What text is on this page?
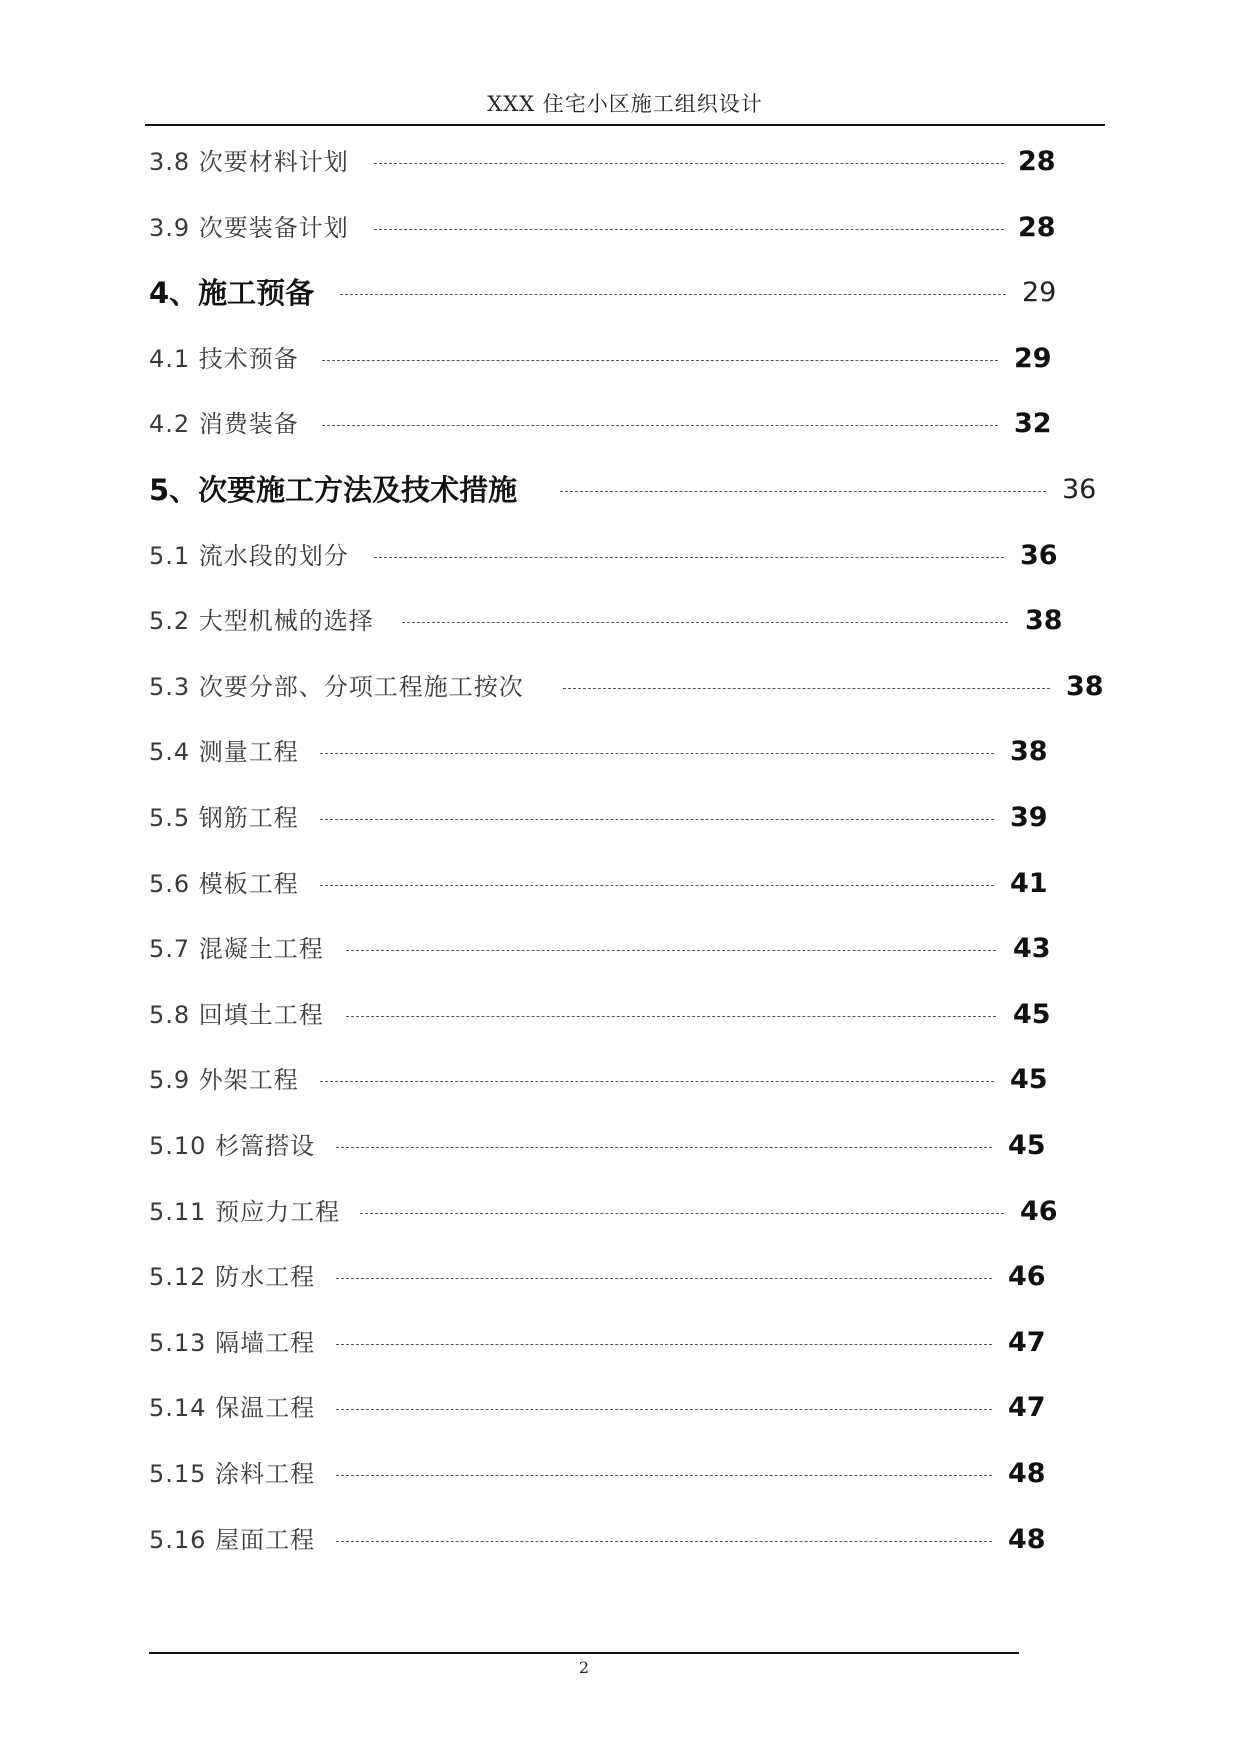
XXX 住宅小区施工组织设计
3.8 次要材料计划	28
3.9 次要装备计划	28
4、施工预备	29
4.1 技术预备	29
4.2 消费装备	32
5、次要施工方法及技术措施	36
5.1 流水段的划分	36
5.2 大型机械的选择	38
5.3 次要分部、分项工程施工按次	38
5.4 测量工程	38
5.5 钢筋工程	39
5.6 模板工程	41
5.7 混凝土工程	43
5.8 回填土工程	45
5.9 外架工程	45
5.10 杉篙搭设	45
5.11 预应力工程	46
5.12 防水工程	46
5.13 隔墙工程	47
5.14 保温工程	47
5.15 涂料工程	48
5.16 屋面工程	48
2
